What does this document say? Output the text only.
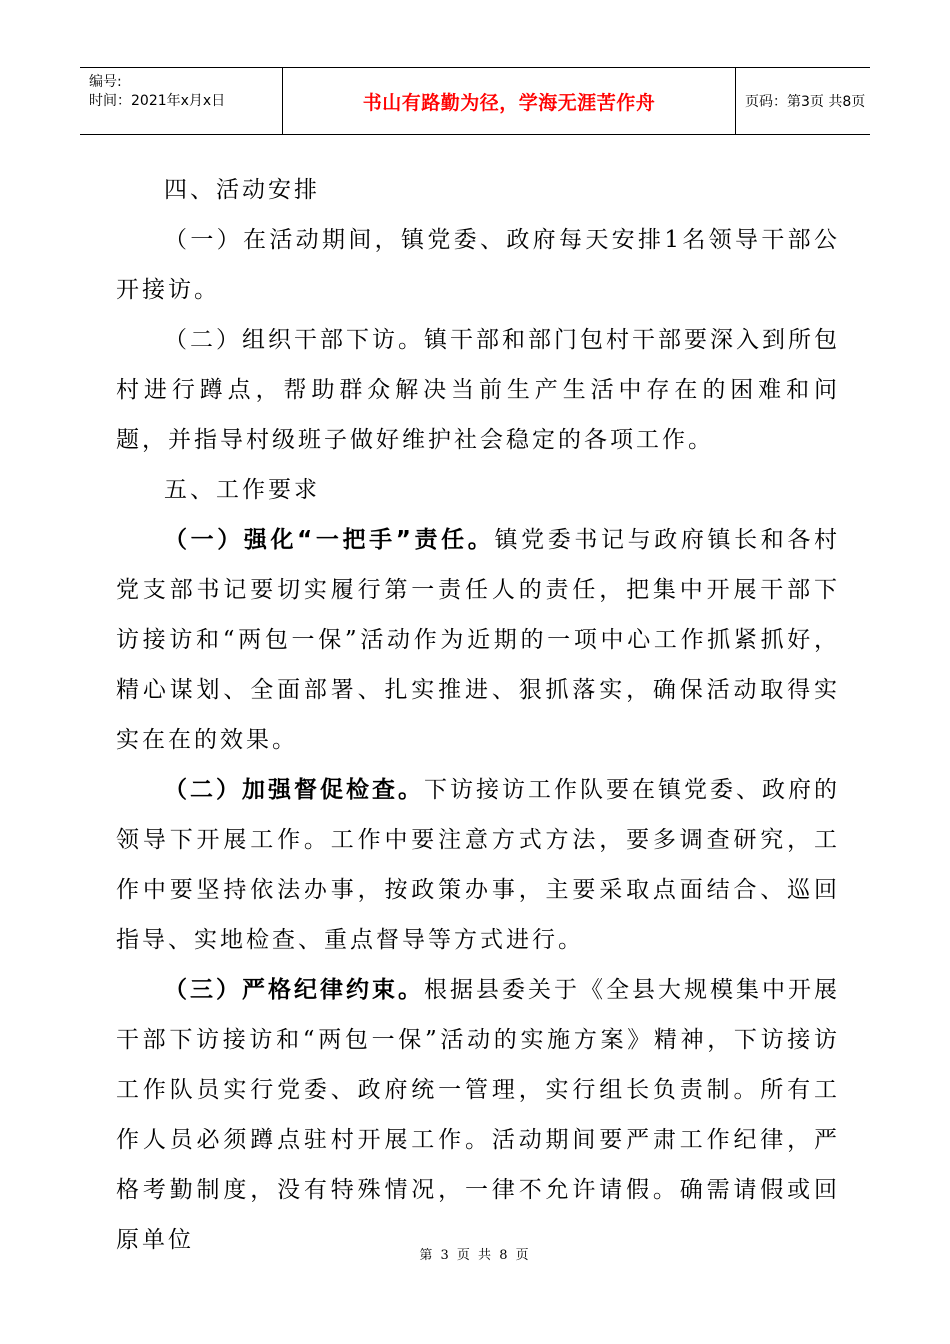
编号:
时间：2021年x月x日	书山有路勤为径，学海无涯苦作舟	页码：第3页 共8页

四、活动安排

（一）在活动期间，镇党委、政府每天安排1名领导干部公开接访。

（二）组织干部下访。镇干部和部门包村干部要深入到所包村进行蹲点，帮助群众解决当前生产生活中存在的困难和问题，并指导村级班子做好维护社会稳定的各项工作。

五、工作要求

（一）强化“一把手”责任。镇党委书记与政府镇长和各村党支部书记要切实履行第一责任人的责任，把集中开展干部下访接访和“两包一保”活动作为近期的一项中心工作抓紧抓好，精心谋划、全面部署、扎实推进、狠抓落实，确保活动取得实实在在的效果。

（二）加强督促检查。下访接访工作队要在镇党委、政府的领导下开展工作。工作中要注意方式方法，要多调查研究，工作中要坚持依法办事，按政策办事，主要采取点面结合、巡回指导、实地检查、重点督导等方式进行。

（三）严格纪律约束。根据县委关于《全县大规模集中开展干部下访接访和“两包一保”活动的实施方案》精神，下访接访工作队员实行党委、政府统一管理，实行组长负责制。所有工作人员必须蹲点驻村开展工作。活动期间要严肃工作纪律，严格考勤制度，没有特殊情况，一律不允许请假。确需请假或回原单位

第 3 页 共 8 页
